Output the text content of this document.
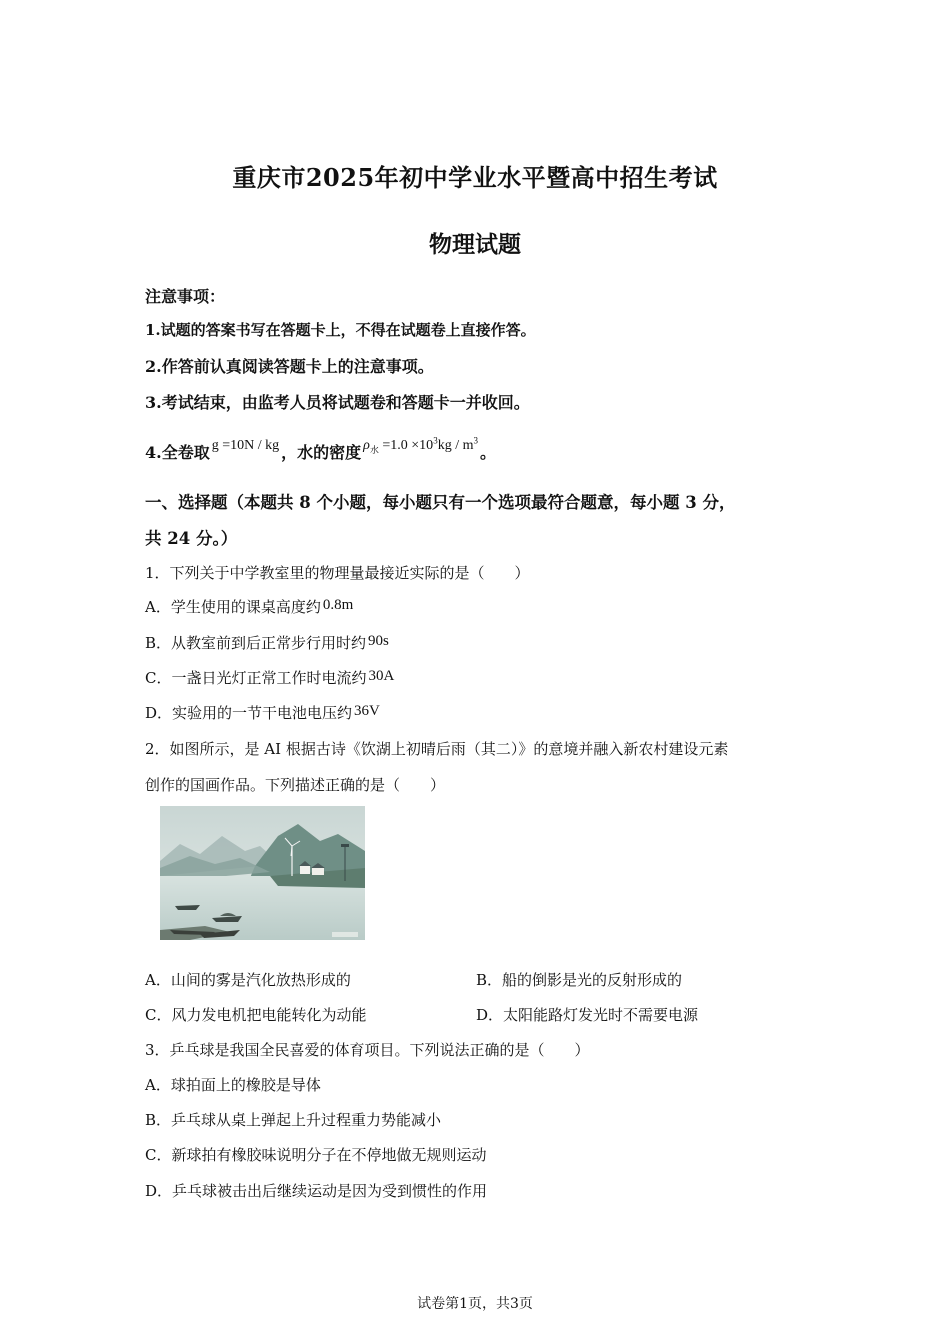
重庆市2025年初中学业水平暨高中招生考试
物理试题
注意事项：
1.试题的答案书写在答题卡上，不得在试题卷上直接作答。
2.作答前认真阅读答题卡上的注意事项。
3.考试结束，由监考人员将试题卷和答题卡一并收回。
4.全卷取 g =10N / kg ，水的密度 $\rho_水 =1.0 \times 10^3kg / m^3$。
一、选择题（本题共 8 个小题，每小题只有一个选项最符合题意，每小题 3 分，
共 24 分。）
1．下列关于中学教室里的物理量最接近实际的是（　　）
A．学生使用的课桌高度约 0.8m
B．从教室前到后正常步行用时约 90s
C．一盏日光灯正常工作时电流约 30A
D．实验用的一节干电池电压约 36V
2．如图所示，是 AI 根据古诗《饮湖上初晴后雨（其二）》的意境并融入新农村建设元素
创作的国画作品。下列描述正确的是（　　）
A．山间的雾是汽化放热形成的	B．船的倒影是光的反射形成的
C．风力发电机把电能转化为动能	D．太阳能路灯发光时不需要电源
3．乒乓球是我国全民喜爱的体育项目。下列说法正确的是（　　）
A．球拍面上的橡胶是导体
B．乒乓球从桌上弹起上升过程重力势能减小
C．新球拍有橡胶味说明分子在不停地做无规则运动
D．乒乓球被击出后继续运动是因为受到惯性的作用
试卷第1页，共3页
